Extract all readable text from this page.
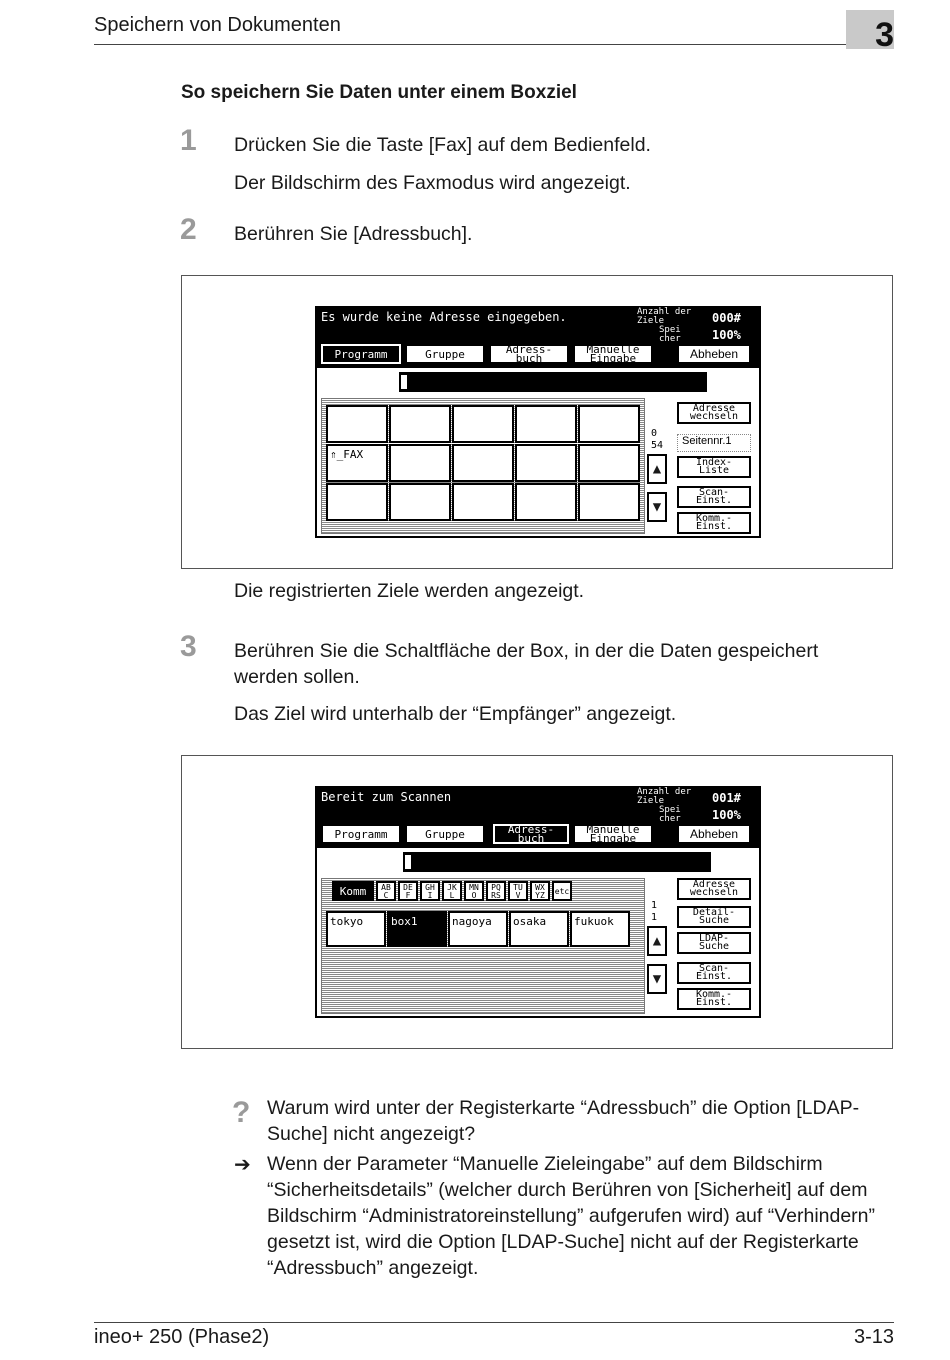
Speichern von Dokumenten	3
So speichern Sie Daten unter einem Boxziel
1 Drücken Sie die Taste [Fax] auf dem Bedienfeld.
Der Bildschirm des Faxmodus wird angezeigt.
2 Berühren Sie [Adressbuch].
Es wurde keine Adresse eingegeben.	Anzahl der Ziele	000#
Spei cher	100%
Programm	Gruppe	Adress-
buch
Manuelle
Eingabe	Abheben
⇑_FAX
0
54
▲
▼
Adresse
wechseln
Seitennr.1
Index-
Liste
Scan-
Einst.
Komm.-
Einst.
Die registrierten Ziele werden angezeigt.
3 Berühren Sie die Schaltfläche der Box, in der die Daten gespeichert werden sollen.
Das Ziel wird unterhalb der “Empfänger” angezeigt.
Bereit zum Scannen	Anzahl der Ziele	001#
Spei cher	100%
Programm	Gruppe	Adress-
buch
Manuelle
Eingabe	Abheben
Komm	AB
C
DE
F
GH
I
JK
L
MN
O
PQ
RS
TU
V
WX
YZ	etc
tokyo	box1	nagoya	osaka	fukuok
1
1
▲
▼
Adresse
wechseln
Detail-
Suche
LDAP-
Suche
Scan-
Einst.
Komm.-
Einst.
? Warum wird unter der Registerkarte “Adressbuch” die Option [LDAP-Suche] nicht angezeigt?
➔ Wenn der Parameter “Manuelle Zieleingabe” auf dem Bildschirm “Sicherheitsdetails” (welcher durch Berühren von [Sicherheit] auf dem Bildschirm “Administratoreinstellung” aufgerufen wird) auf “Verhindern” gesetzt ist, wird die Option [LDAP-Suche] nicht auf der Registerkarte “Adressbuch” angezeigt.
ineo+ 250 (Phase2)	3-13
